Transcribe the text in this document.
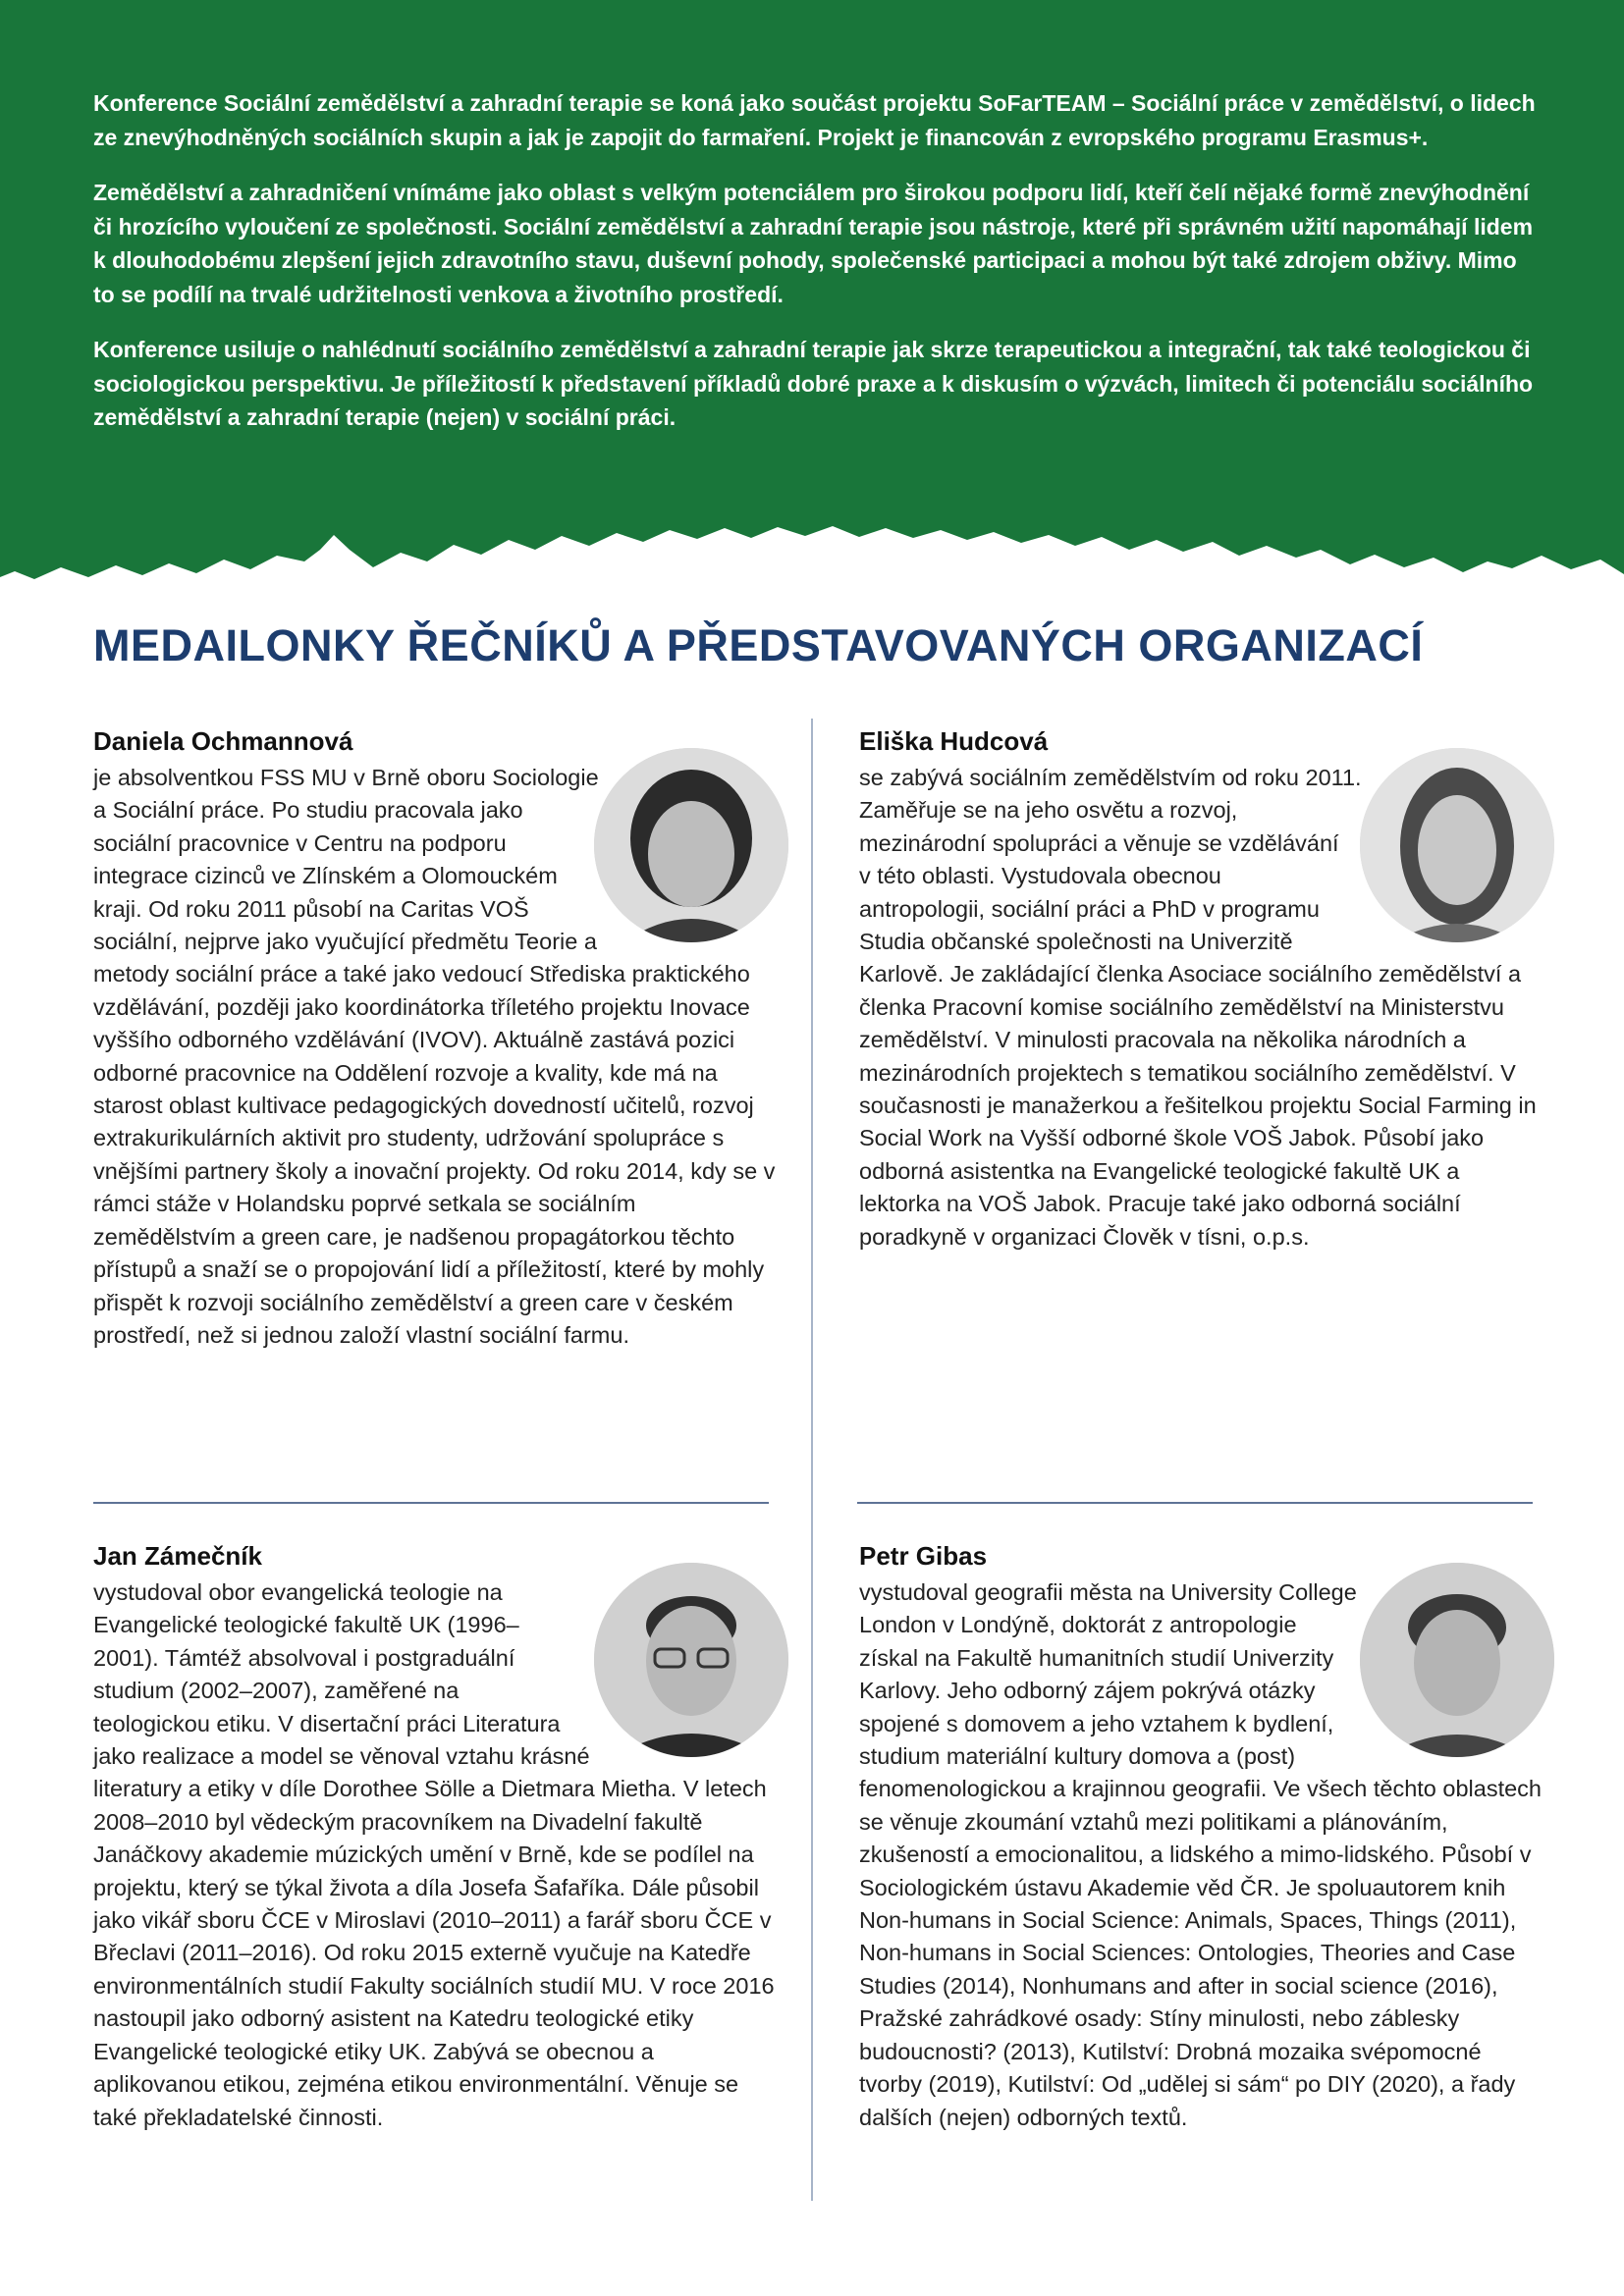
Konference Sociální zemědělství a zahradní terapie se koná jako součást projektu SoFarTEAM – Sociální práce v zemědělství, o lidech ze znevýhodněných sociálních skupin a jak je zapojit do farmaření. Projekt je financován z evropského programu Erasmus+.

Zemědělství a zahradničení vnímáme jako oblast s velkým potenciálem pro širokou podporu lidí, kteří čelí nějaké formě znevýhodnění či hrozícího vyloučení ze společnosti. Sociální zemědělství a zahradní terapie jsou nástroje, které při správném užití napomáhají lidem k dlouhodobému zlepšení jejich zdravotního stavu, duševní pohody, společenské participaci a mohou být také zdrojem obživy. Mimo to se podílí na trvalé udržitelnosti venkova a životního prostředí.

Konference usiluje o nahlédnutí sociálního zemědělství a zahradní terapie jak skrze terapeutickou a integrační, tak také teologickou či sociologickou perspektivu. Je příležitostí k představení příkladů dobré praxe a k diskusím o výzvách, limitech či potenciálu sociálního zemědělství a zahradní terapie (nejen) v sociální práci.

MEDAILONKY ŘEČNÍKŮ A PŘEDSTAVOVANÝCH ORGANIZACÍ
Daniela Ochmannová

je absolventkou FSS MU v Brně oboru Sociologie a Sociální práce. Po studiu pracovala jako sociální pracovnice v Centru na podporu integrace cizinců ve Zlínském a Olomouckém kraji. Od roku 2011 působí na Caritas VOŠ sociální, nejprve jako vyučující předmětu Teorie a metody sociální práce a také jako vedoucí Střediska praktického vzdělávání, později jako koordinátorka tříletého projektu Inovace vyššího odborného vzdělávání (IVOV). Aktuálně zastává pozici odborné pracovnice na Oddělení rozvoje a kvality, kde má na starost oblast kultivace pedagogických dovedností učitelů, rozvoj extrakurikulárních aktivit pro studenty, udržování spolupráce s vnějšími partnery školy a inovační projekty. Od roku 2014, kdy se v rámci stáže v Holandsku poprvé setkala se sociálním zemědělstvím a green care, je nadšenou propagátorkou těchto přístupů a snaží se o propojování lidí a příležitostí, které by mohly přispět k rozvoji sociálního zemědělství a green care v českém prostředí, než si jednou založí vlastní sociální farmu.

Eliška Hudcová

se zabývá sociálním zemědělstvím od roku 2011. Zaměřuje se na jeho osvětu a rozvoj, mezinárodní spolupráci a věnuje se vzdělávání v této oblasti. Vystudovala obecnou antropologii, sociální práci a PhD v programu Studia občanské společnosti na Univerzitě Karlově. Je zakládající členka Asociace sociálního zemědělství a členka Pracovní komise sociálního zemědělství na Ministerstvu zemědělství. V minulosti pracovala na několika národních a mezinárodních projektech s tematikou sociálního zemědělství. V současnosti je manažerkou a řešitelkou projektu Social Farming in Social Work na Vyšší odborné škole VOŠ Jabok. Působí jako odborná asistentka na Evangelické teologické fakultě UK a lektorka na VOŠ Jabok. Pracuje také jako odborná sociální poradkyně v organizaci Člověk v tísni, o.p.s.

Jan Zámečník

vystudoval obor evangelická teologie na Evangelické teologické fakultě UK (1996–2001). Támtéž absolvoval i postgraduální studium (2002–2007), zaměřené na teologickou etiku. V disertační práci Literatura jako realizace a model se věnoval vztahu krásné literatury a etiky v díle Dorothee Sölle a Dietmara Mietha. V letech 2008–2010 byl vědeckým pracovníkem na Divadelní fakultě Janáčkovy akademie múzických umění v Brně, kde se podílel na projektu, který se týkal života a díla Josefa Šafaříka. Dále působil jako vikář sboru ČCE v Miroslavi (2010–2011) a farář sboru ČCE v Břeclavi (2011–2016). Od roku 2015 externě vyučuje na Katedře environmentálních studií Fakulty sociálních studií MU. V roce 2016 nastoupil jako odborný asistent na Katedru teologické etiky Evangelické teologické etiky UK. Zabývá se obecnou a aplikovanou etikou, zejména etikou environmentální. Věnuje se také překladatelské činnosti.

Petr Gibas

vystudoval geografii města na University College London v Londýně, doktorát z antropologie získal na Fakultě humanitních studií Univerzity Karlovy. Jeho odborný zájem pokrývá otázky spojené s domovem a jeho vztahem k bydlení, studium materiální kultury domova a (post) fenomenologickou a krajinnou geografii. Ve všech těchto oblastech se věnuje zkoumání vztahů mezi politikami a plánováním, zkušeností a emocionalitou, a lidského a mimo-lidského. Působí v Sociologickém ústavu Akademie věd ČR. Je spoluautorem knih Non-humans in Social Science: Animals, Spaces, Things (2011), Non-humans in Social Sciences: Ontologies, Theories and Case Studies (2014), Nonhumans and after in social science (2016), Pražské zahrádkové osady: Stíny minulosti, nebo záblesky budoucnosti? (2013), Kutilství: Drobná mozaika svépomocné tvorby (2019), Kutilství: Od „udělej si sám“ po DIY (2020), a řady dalších (nejen) odborných textů.
